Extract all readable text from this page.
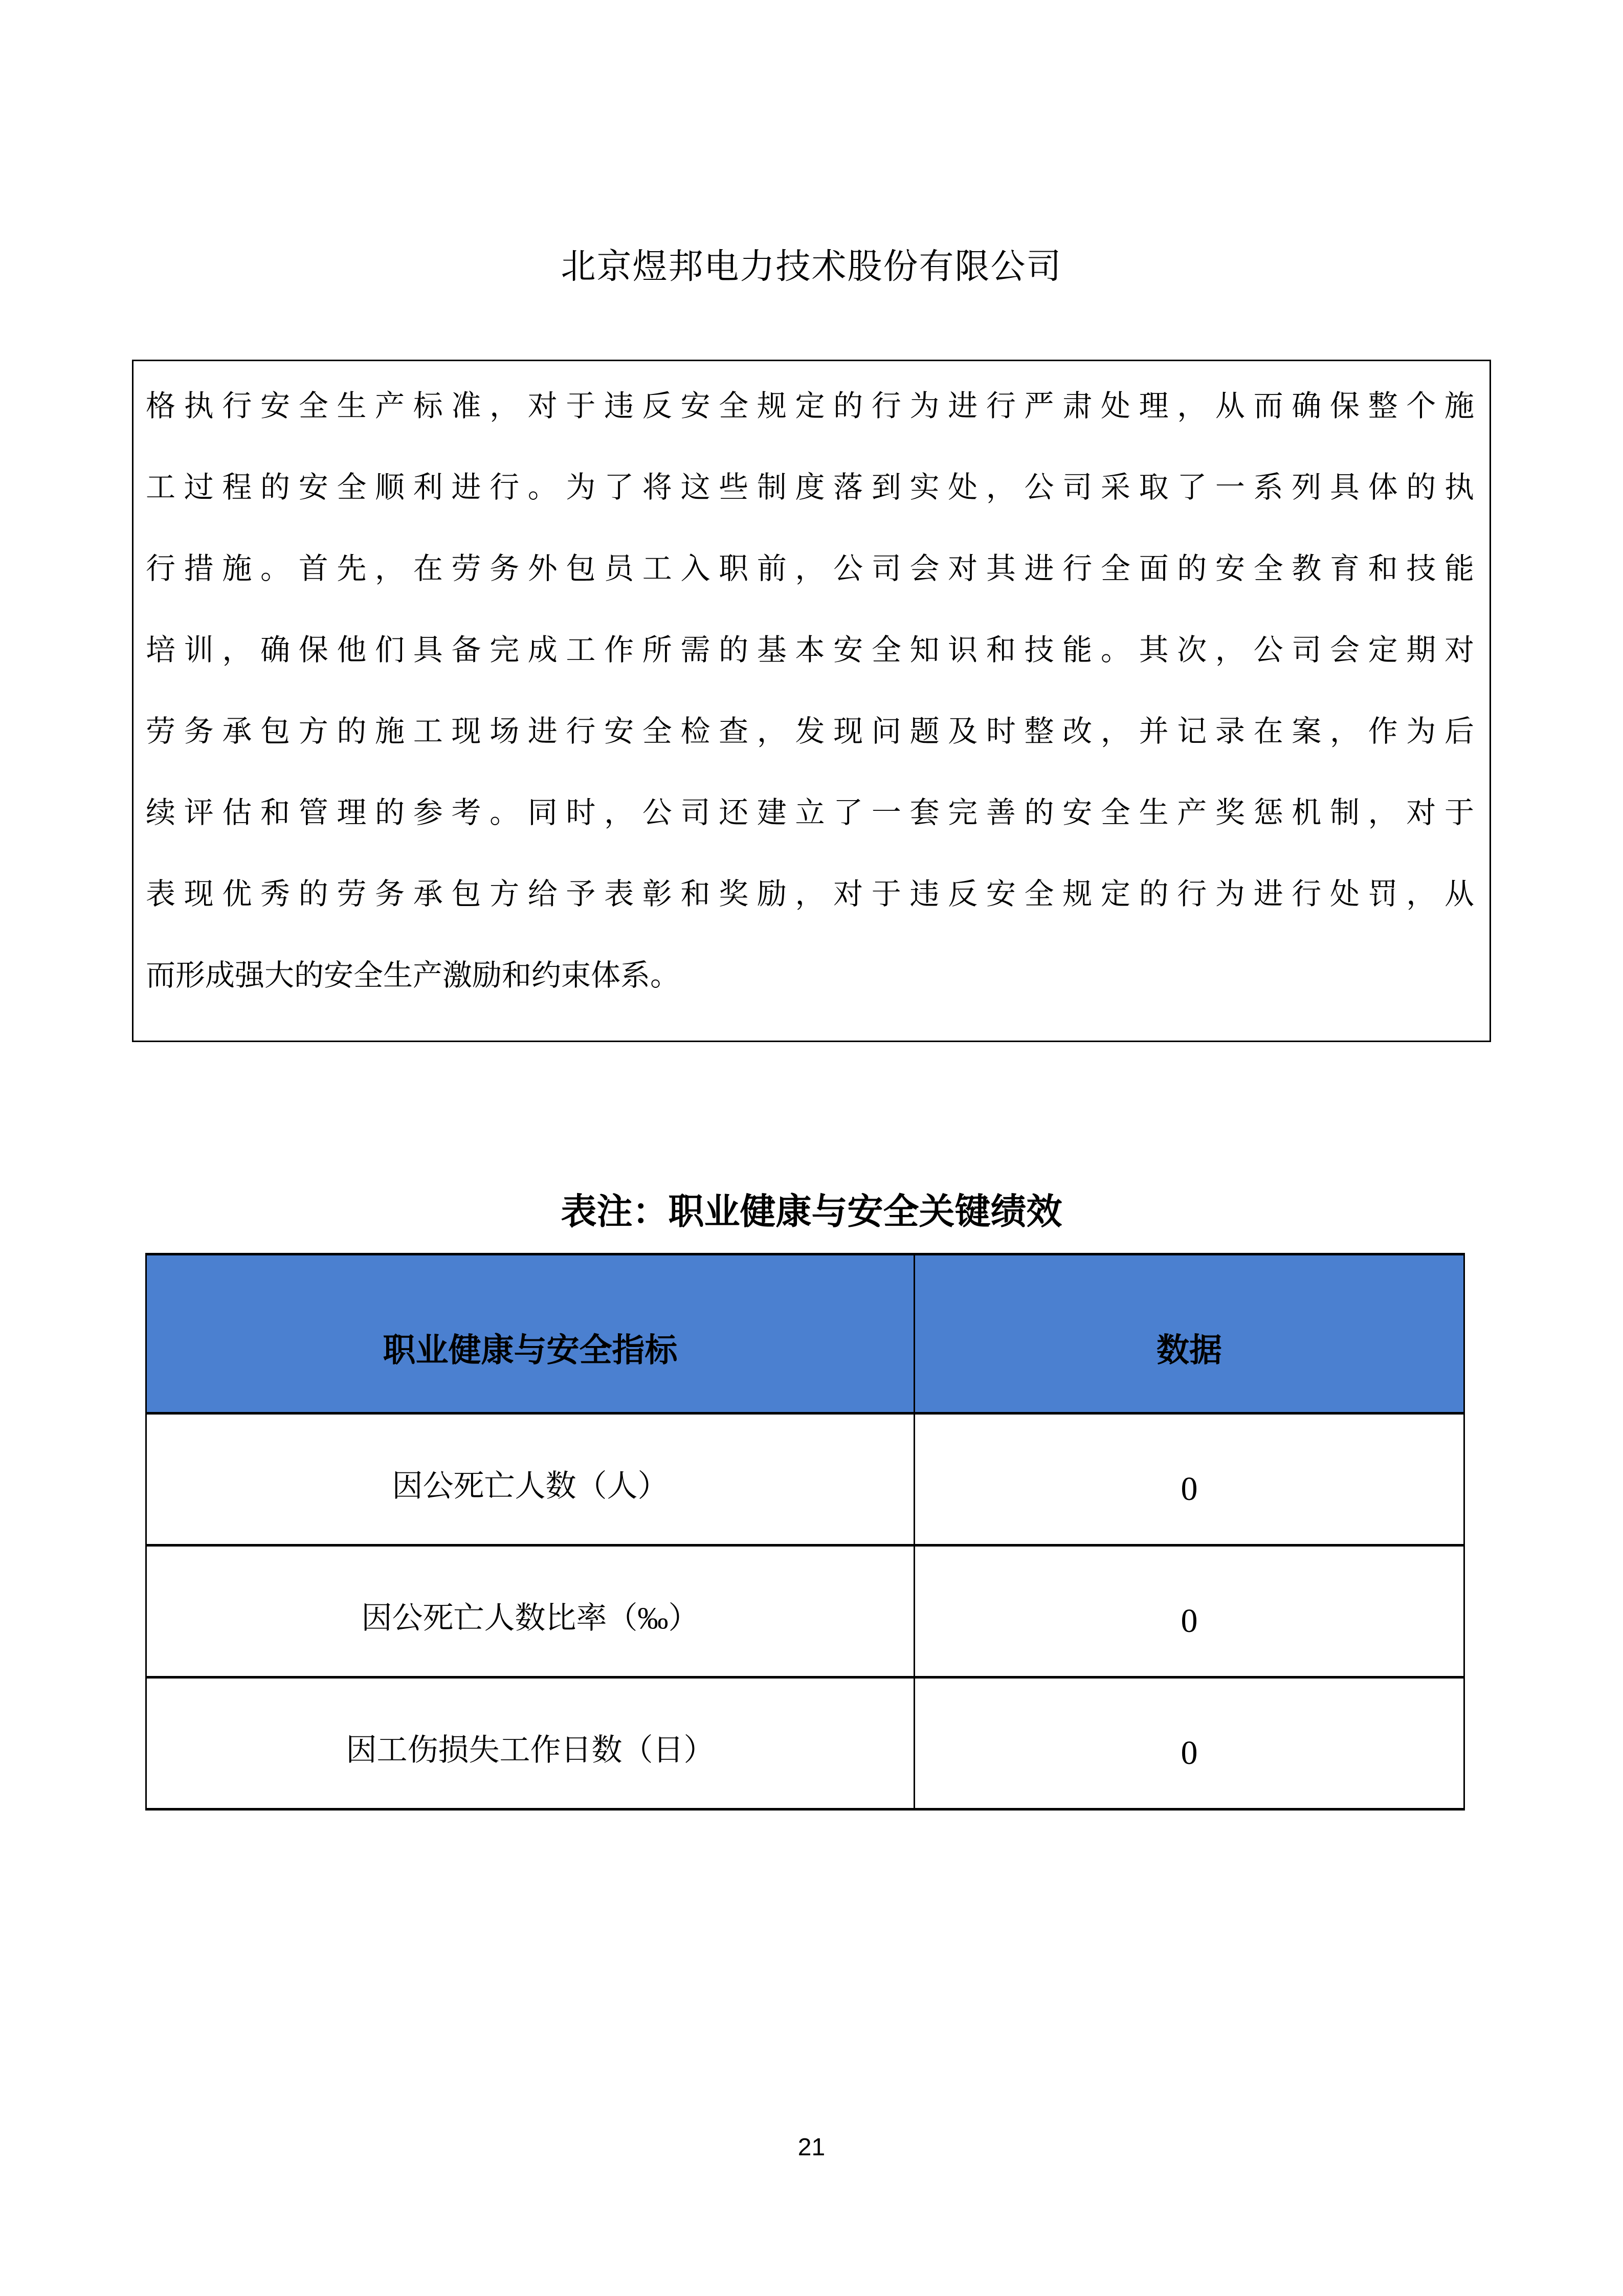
北京煜邦电力技术股份有限公司
格执行安全生产标准，对于违反安全规定的行为进行严肃处理，从而确保整个施
工过程的安全顺利进行。为了将这些制度落到实处，公司采取了一系列具体的执
行措施。首先，在劳务外包员工入职前，公司会对其进行全面的安全教育和技能
培训，确保他们具备完成工作所需的基本安全知识和技能。其次，公司会定期对
劳务承包方的施工现场进行安全检查，发现问题及时整改，并记录在案，作为后
续评估和管理的参考。同时，公司还建立了一套完善的安全生产奖惩机制，对于
表现优秀的劳务承包方给予表彰和奖励，对于违反安全规定的行为进行处罚，从
而形成强大的安全生产激励和约束体系。
表注：职业健康与安全关键绩效
职业健康与安全指标	数据
因公死亡人数（人）	0
因公死亡人数比率（‰）	0
因工伤损失工作日数（日）	0
21
